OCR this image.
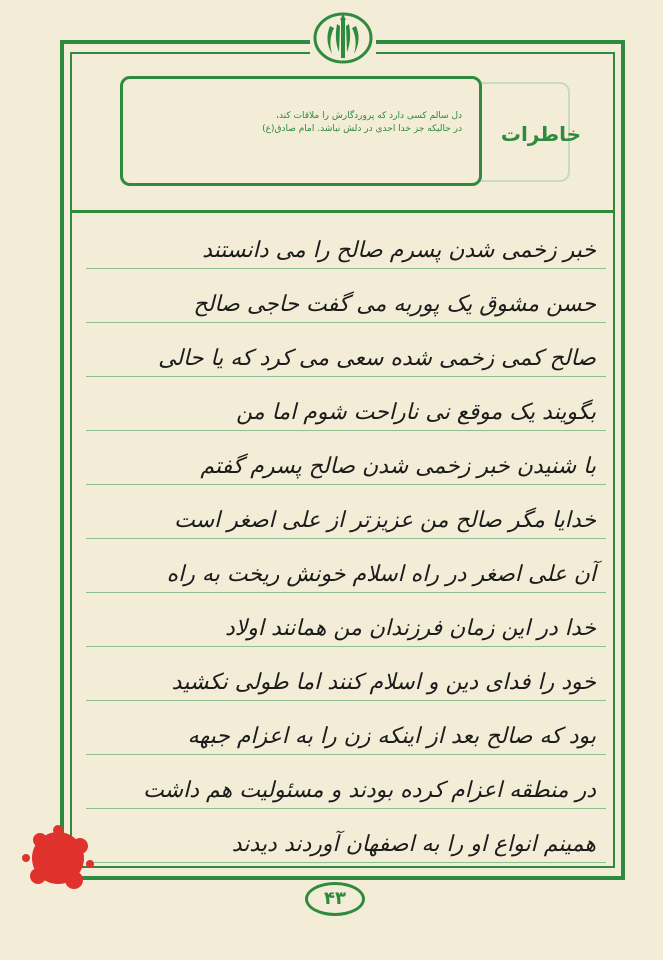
دل سالم کسی دارد که پروردگارش را ملاقات کند،
در حالیکه جز خدا احدی در دلش نباشد. امام صادق(ع) خاطرات
خبر زخمی شدن پسرم صالح را می دانستند
حسن مشوق یک پوربه می گفت حاجی صالح
صالح کمی زخمی شده سعی می کرد که یا حالی
بگویند یک موقع نی ناراحت شوم اما من
با شنیدن خبر زخمی شدن صالح پسرم گفتم
خدایا مگر صالح من عزیزتر از علی اصغر است
آن علی اصغر در راه اسلام خونش ریخت به راه
خدا در این زمان فرزندان من همانند اولاد
خود را فدای دین و اسلام کنند اما طولی نکشید
بود که صالح بعد از اینکه زن را به اعزام جبهه
در منطقه اعزام کرده بودند و مسئولیت هم داشت
همینم انواع او را به اصفهان آوردند دیدند
۴۳
